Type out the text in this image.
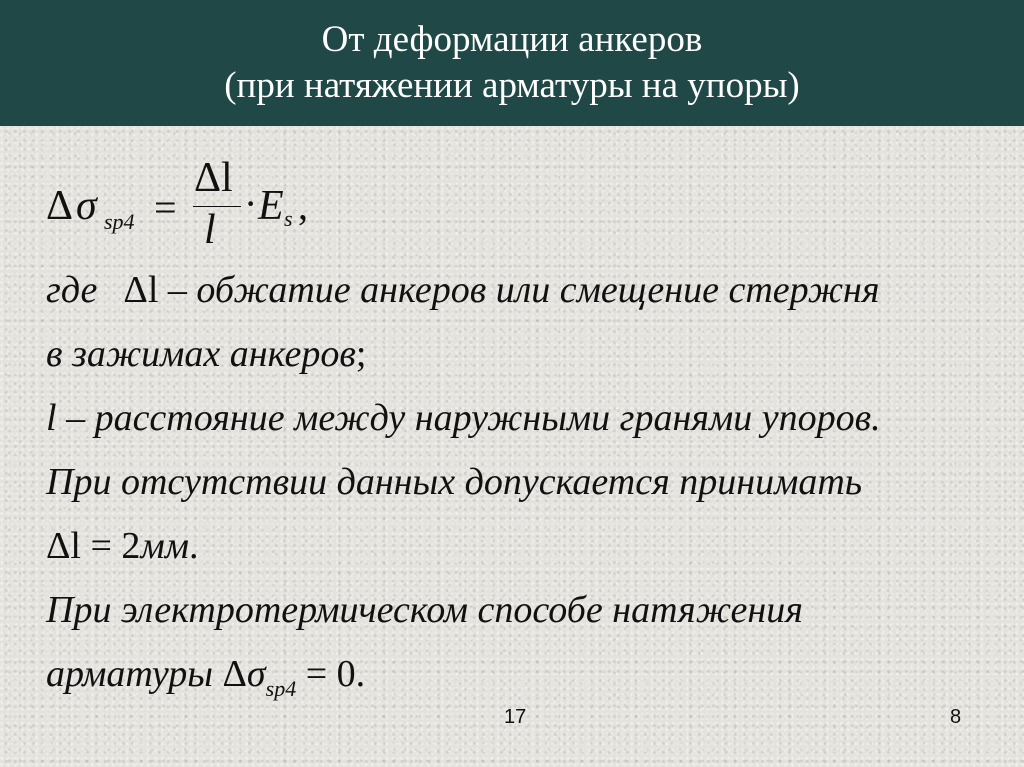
От деформации анкеров
(при натяжении арматуры на упоры)
Δ σ sp4 =
Δl
l
· E s ,
где Δl – обжатие анкеров или смещение стержня
в зажимах анкеров;
l – расстояние между наружными гранями упоров.
При отсутствии данных допускается принимать
Δl = 2мм.
При электротермическом способе натяжения
арматуры $\Delta\sigma_{sp4} = 0$.
17	8
